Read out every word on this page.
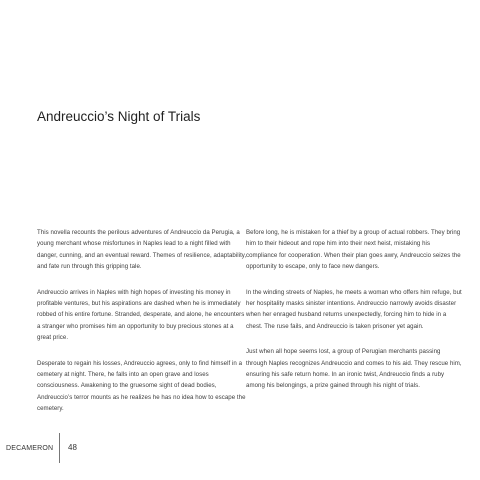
Andreuccio’s Night of Trials

This novella recounts the perilous adventures of Andreuccio da Perugia, a young merchant whose misfortunes in Naples lead to a night filled with danger, cunning, and an eventual reward. Themes of resilience, adaptability, and fate run through this gripping tale.

Andreuccio arrives in Naples with high hopes of investing his money in profitable ventures, but his aspirations are dashed when he is immediately robbed of his entire fortune. Stranded, desperate, and alone, he encounters a stranger who promises him an opportunity to buy precious stones at a great price.

Desperate to regain his losses, Andreuccio agrees, only to find himself in a cemetery at night. There, he falls into an open grave and loses consciousness. Awakening to the gruesome sight of dead bodies, Andreuccio’s terror mounts as he realizes he has no idea how to escape the cemetery.

Before long, he is mistaken for a thief by a group of actual robbers. They bring him to their hideout and rope him into their next heist, mistaking his compliance for cooperation. When their plan goes awry, Andreuccio seizes the opportunity to escape, only to face new dangers.

In the winding streets of Naples, he meets a woman who offers him refuge, but her hospitality masks sinister intentions. Andreuccio narrowly avoids disaster when her enraged husband returns unexpectedly, forcing him to hide in a chest. The ruse fails, and Andreuccio is taken prisoner yet again.

Just when all hope seems lost, a group of Perugian merchants passing through Naples recognizes Andreuccio and comes to his aid. They rescue him, ensuring his safe return home. In an ironic twist, Andreuccio finds a ruby among his belongings, a prize gained through his night of trials.

DECAMERON 48
